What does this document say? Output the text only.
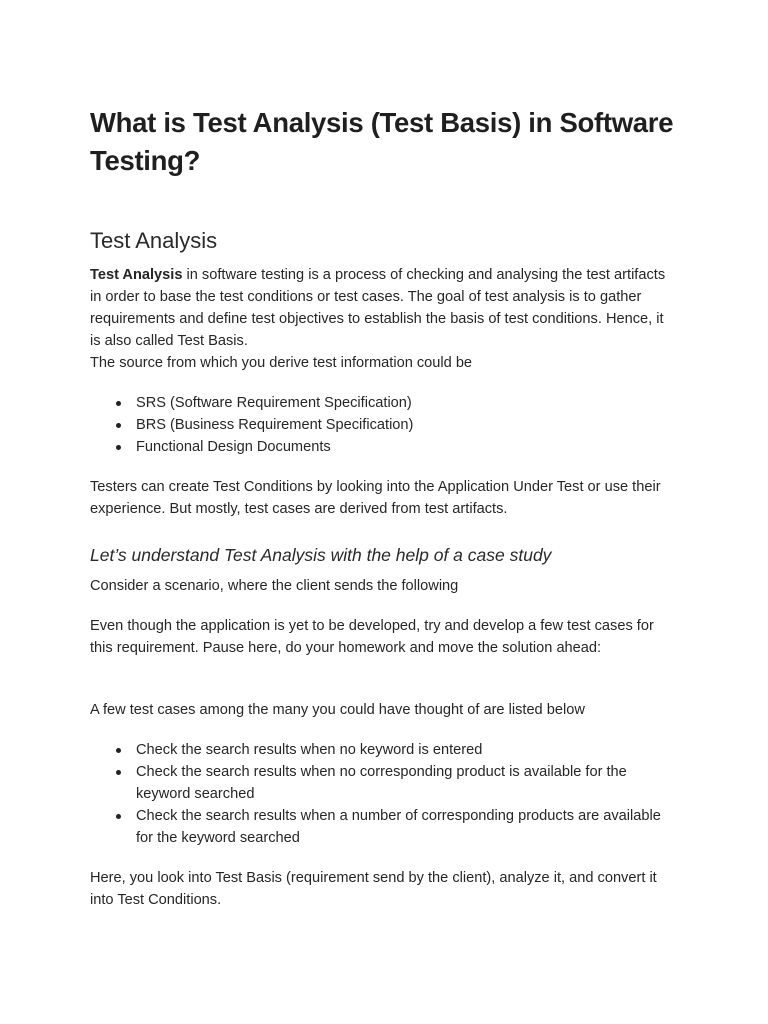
What is Test Analysis (Test Basis) in Software Testing?
Test Analysis

Test Analysis in software testing is a process of checking and analysing the test artifacts in order to base the test conditions or test cases. The goal of test analysis is to gather requirements and define test objectives to establish the basis of test conditions. Hence, it is also called Test Basis.
The source from which you derive test information could be

SRS (Software Requirement Specification)
BRS (Business Requirement Specification)
Functional Design Documents

Testers can create Test Conditions by looking into the Application Under Test or use their experience. But mostly, test cases are derived from test artifacts.

Let’s understand Test Analysis with the help of a case study

Consider a scenario, where the client sends the following

Even though the application is yet to be developed, try and develop a few test cases for this requirement. Pause here, do your homework and move the solution ahead:

A few test cases among the many you could have thought of are listed below

Check the search results when no keyword is entered
Check the search results when no corresponding product is available for the keyword searched
Check the search results when a number of corresponding products are available for the keyword searched

Here, you look into Test Basis (requirement send by the client), analyze it, and convert it into Test Conditions.
